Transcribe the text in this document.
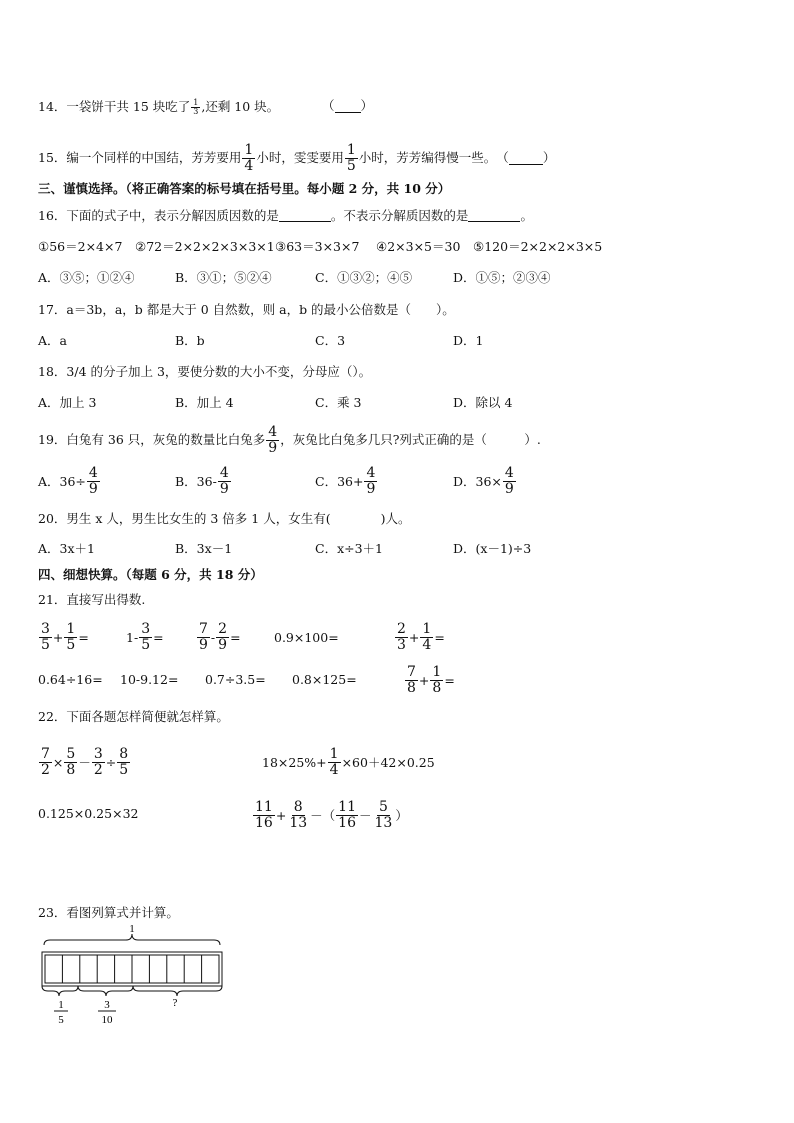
14．一袋饼干共 15 块吃了 $\frac{1}{3}$ ,还剩 10 块。	（ ）
15． 编一个同样的中国结，芳芳要用 $\frac{1}{4}$ 小时，雯雯要用 $\frac{1}{5}$ 小时，芳芳编得慢一些。 （	）
三、谨慎选择。（将正确答案的标号填在括号里。每小题 2 分，共 10 分）
16．下面的式子中，表示分解因质因数的是	。不表示分解质因数的是	。
①56＝2×4×7 ②72＝2×2×2×3×3×1 ③63＝3×3×7 ④2×3×5＝30 ⑤120＝2×2×2×3×5
A．③⑤；①②④	B．③①；⑤②④	C．①③②；④⑤	D．①⑤；②③④
17．a＝3b，a，b 都是大于 0 自然数，则 a，b 的最小公倍数是（　　）。
A．a	B．b	C．3	D．1
18．3/4 的分子加上 3，要使分数的大小不变，分母应（）。
A．加上 3	B．加上 4	C．乘 3	D．除以 4
19．白兔有 36 只，灰兔的数量比白兔多 $\frac{4}{9}$ ，灰兔比白兔多几只?列式正确的是（　　　）.
A．$36\div \frac{4}{9}$	B．$36- \frac{4}{9}$	C．$36+ \frac{4}{9}$	D．$36\times \frac{4}{9}$
20．男生 x 人，男生比女生的 3 倍多 1 人，女生有(　　　　)人。
A．3x＋1	B．3x－1	C．x÷3＋1	D．(x－1)÷3
四、细想快算。（每题 6 分，共 18 分）
21．直接写出得数.
$\frac{3}{5} + \frac{1}{5}$ =	$1- \frac{3}{5} = \frac{7}{9} - \frac{2}{9}$ =	0.9×100=	$\frac{2}{3} + \frac{1}{4}$ =
0.64÷16= 10-9.12= 0.7÷3.5= 0.8×125=	$\frac{7}{8} + \frac{1}{8}$ =
22．下面各题怎样简便就怎样算。
$\frac{7}{2} \times \frac{5}{8} - \frac{3}{2} \div \frac{8}{5}$	$18\times 25\%+ \frac{1}{4} \times 60+42\times 0.25$
0.125×0.25×32	$\frac{11}{16} + \frac{8}{13}$ －（ $\frac{11}{16} - \frac{5}{13}$ ）
23．看图列算式并计算。
1
1
5
3
10
?
